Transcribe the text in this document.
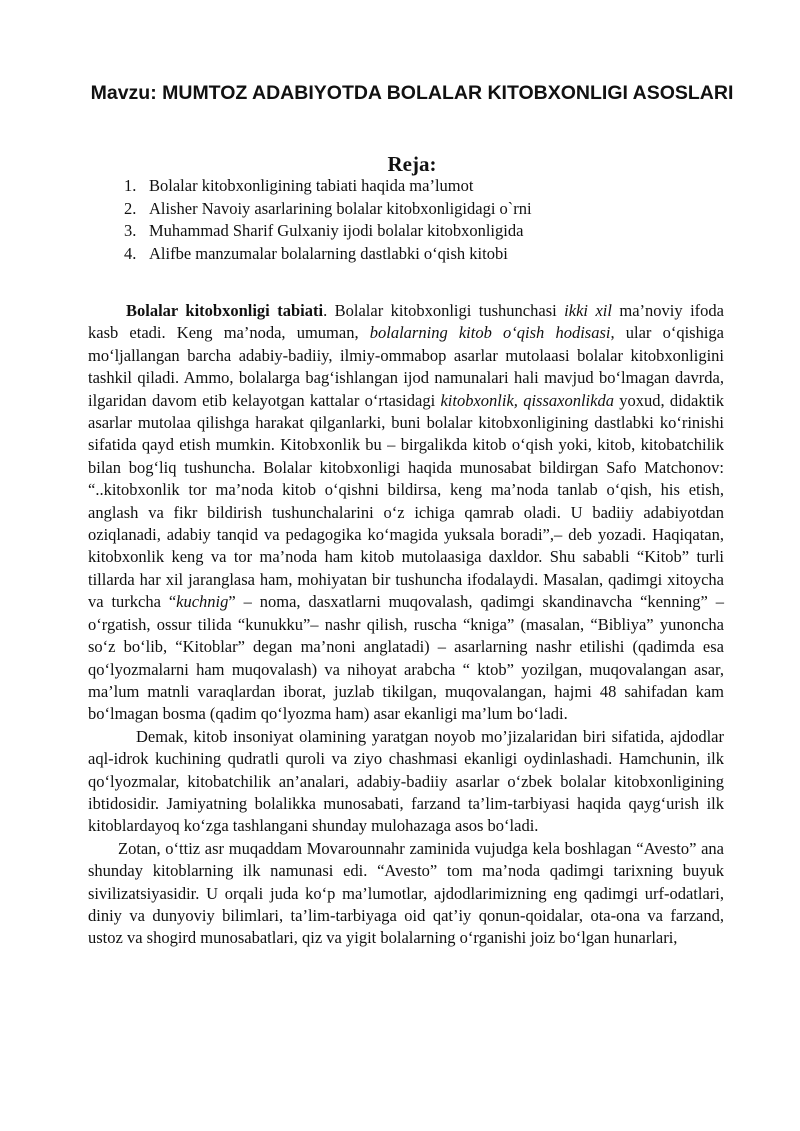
Mavzu: MUMTOZ ADABIYOTDA BOLALAR KITOBXONLIGI ASOSLARI
Reja:
1. Bolalar kitobxonligining tabiati haqida ma’lumot
2. Alisher Navoiy asarlarining bolalar kitobxonligidagi o`rni
3. Muhammad Sharif Gulxaniy ijodi bolalar kitobxonligida
4. Alifbe manzumalar bolalarning dastlabki o‘qish kitobi

Bolalar kitobxonligi tabiati. Bolalar kitobxonligi tushunchasi ikki xil ma’noviy ifoda kasb etadi. Keng ma’noda, umuman, bolalarning kitob o‘qish hodisasi, ular o‘qishiga mo‘ljallangan barcha adabiy-badiiy, ilmiy-ommabop asarlar mutolaasi bolalar kitobxonligini tashkil qiladi. Ammo, bolalarga bag‘ishlangan ijod namunalari hali mavjud bo‘lmagan davrda, ilgaridan davom etib kelayotgan kattalar o‘rtasidagi kitobxonlik, qissaxonlikda yoxud, didaktik asarlar mutolaa qilishga harakat qilganlarki, buni bolalar kitobxonligining dastlabki ko‘rinishi sifatida qayd etish mumkin. Kitobxonlik bu – birgalikda kitob o‘qish yoki, kitob, kitobatchilik bilan bog‘liq tushuncha. Bolalar kitobxonligi haqida munosabat bildirgan Safo Matchonov: “..kitobxonlik tor ma’noda kitob o‘qishni bildirsa, keng ma’noda tanlab o‘qish, his etish, anglash va fikr bildirish tushunchalarini o‘z ichiga qamrab oladi. U badiiy adabiyotdan oziqlanadi, adabiy tanqid va pedagogika ko‘magida yuksala boradi”,– deb yozadi. Haqiqatan, kitobxonlik keng va tor ma’noda ham kitob mutolaasiga daxldor. Shu sababli “Kitob” turli tillarda har xil jaranglasa ham, mohiyatan bir tushuncha ifodalaydi. Masalan, qadimgi xitoycha va turkcha “kuchnig” – noma, dasxatlarni muqovalash, qadimgi skandinavcha “kenning” – o‘rgatish, ossur tilida “kunukku”– nashr qilish, ruscha “kniga” (masalan, “Bibliya” yunoncha so‘z bo‘lib, “Kitoblar” degan ma’noni anglatadi) – asarlarning nashr etilishi (qadimda esa qo‘lyozmalarni ham muqovalash) va nihoyat arabcha “ ktob” yozilgan, muqovalangan asar, ma’lum matnli varaqlardan iborat, juzlab tikilgan, muqovalangan, hajmi 48 sahifadan kam bo‘lmagan bosma (qadim qo‘lyozma ham) asar ekanligi ma’lum bo‘ladi.

Demak, kitob insoniyat olamining yaratgan noyob mo’jizalaridan biri sifatida, ajdodlar aql-idrok kuchining qudratli quroli va ziyo chashmasi ekanligi oydinlashadi. Hamchunin, ilk qo‘lyozmalar, kitobatchilik an’analari, adabiy-badiiy asarlar o‘zbek bolalar kitobxonligining ibtidosidir. Jamiyatning bolalikka munosabati, farzand ta’lim-tarbiyasi haqida qayg‘urish ilk kitoblardayoq ko‘zga tashlangani shunday mulohazaga asos bo‘ladi.

Zotan, o‘ttiz asr muqaddam Movarounnahr zaminida vujudga kela boshlagan “Avesto” ana shunday kitoblarning ilk namunasi edi. “Avesto” tom ma’noda qadimgi tarixning buyuk sivilizatsiyasidir. U orqali juda ko‘p ma’lumotlar, ajdodlarimizning eng qadimgi urf-odatlari, diniy va dunyoviy bilimlari, ta’lim-tarbiyaga oid qat’iy qonun-qoidalar, ota-ona va farzand, ustoz va shogird munosabatlari, qiz va yigit bolalarning o‘rganishi joiz bo‘lgan hunarlari,
